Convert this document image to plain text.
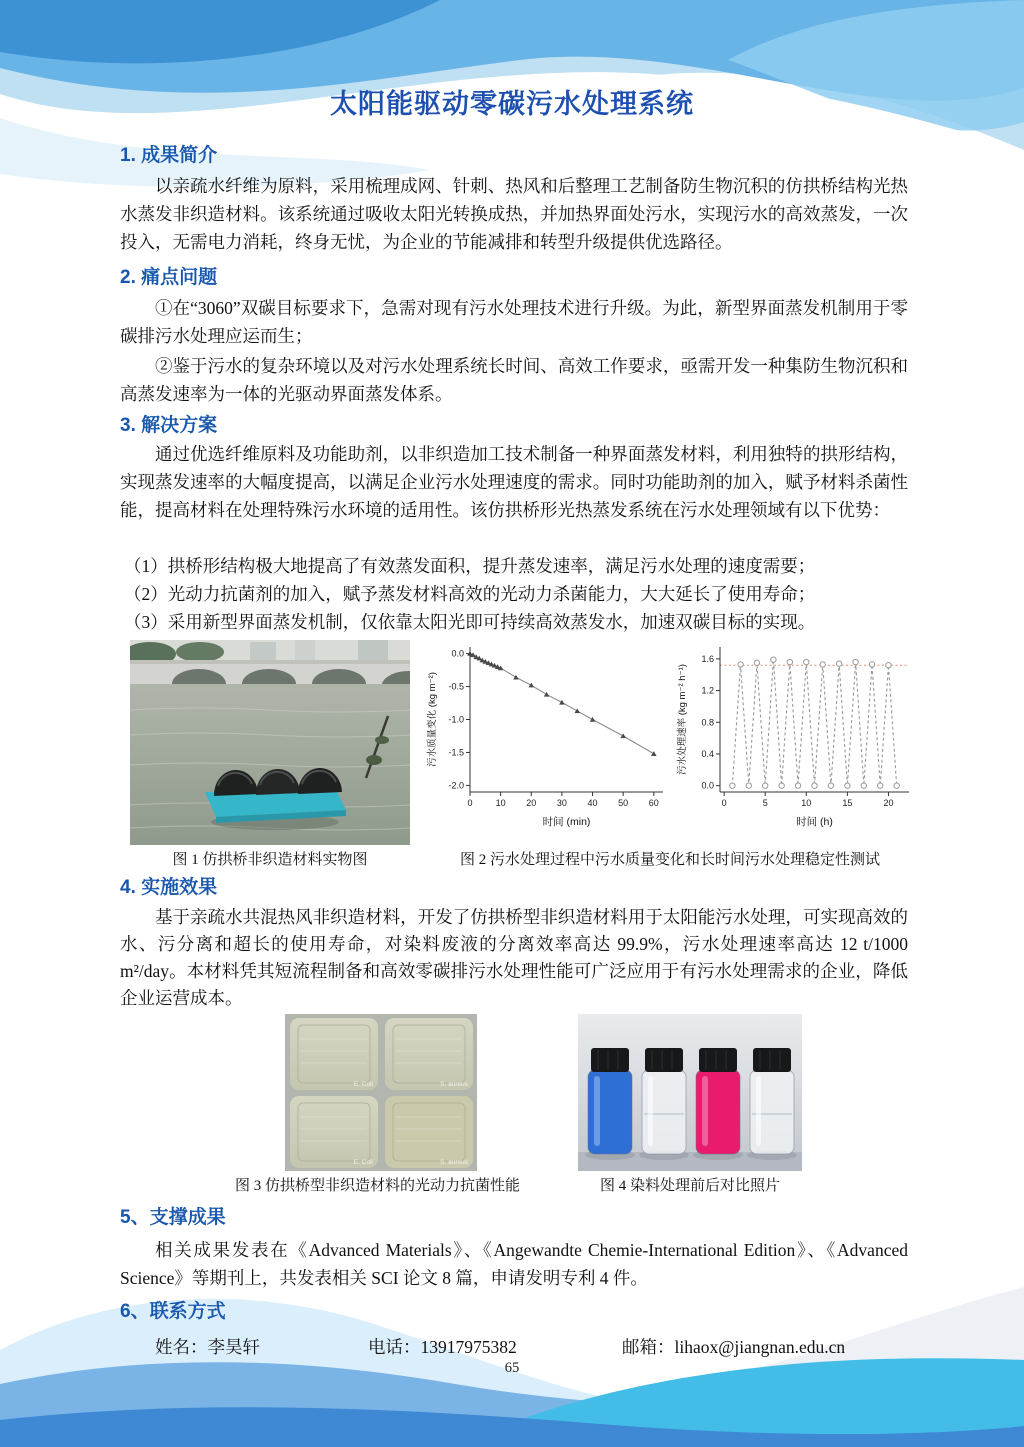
太阳能驱动零碳污水处理系统
1. 成果简介

以亲疏水纤维为原料，采用梳理成网、针刺、热风和后整理工艺制备防生物沉积的仿拱桥结构光热水蒸发非织造材料。该系统通过吸收太阳光转换成热，并加热界面处污水，实现污水的高效蒸发，一次投入，无需电力消耗，终身无忧，为企业的节能减排和转型升级提供优选路径。

2. 痛点问题

①在“3060”双碳目标要求下，急需对现有污水处理技术进行升级。为此，新型界面蒸发机制用于零碳排污水处理应运而生；

②鉴于污水的复杂环境以及对污水处理系统长时间、高效工作要求，亟需开发一种集防生物沉积和高蒸发速率为一体的光驱动界面蒸发体系。

3. 解决方案

通过优选纤维原料及功能助剂，以非织造加工技术制备一种界面蒸发材料，利用独特的拱形结构，实现蒸发速率的大幅度提高，以满足企业污水处理速度的需求。同时功能助剂的加入，赋予材料杀菌性能，提高材料在处理特殊污水环境的适用性。该仿拱桥形光热蒸发系统在污水处理领域有以下优势：

（1）拱桥形结构极大地提高了有效蒸发面积，提升蒸发速率，满足污水处理的速度需要；

（2）光动力抗菌剂的加入，赋予蒸发材料高效的光动力杀菌能力，大大延长了使用寿命；

（3）采用新型界面蒸发机制，仅依靠太阳光即可持续高效蒸发水，加速双碳目标的实现。

0	10 20 30 40 50 60
0.0
-0.5
-1.0
-1.5
-2.0
时间 (min)
污水质量变化 (kg m⁻²)
0	5	10	15	20
0.0
0.4
0.8
1.2
1.6
时间 (h)
污水处理速率 (kg m⁻² h⁻¹)

图 1 仿拱桥非织造材料实物图	图 2 污水处理过程中污水质量变化和长时间污水处理稳定性测试

4. 实施效果

基于亲疏水共混热风非织造材料，开发了仿拱桥型非织造材料用于太阳能污水处理，可实现高效的水、污分离和超长的使用寿命，对染料废液的分离效率高达 99.9%，污水处理速率高达 12 t/1000 m²/day。本材料凭其短流程制备和高效零碳排污水处理性能可广泛应用于有污水处理需求的企业，降低企业运营成本。

E. Coli	S. aureus
E. Coli	S. aureus

图 3 仿拱桥型非织造材料的光动力抗菌性能	图 4 染料处理前后对比照片

5、支撑成果

相关成果发表在《Advanced Materials》、《Angewandte Chemie-International Edition》、《Advanced Science》等期刊上，共发表相关 SCI 论文 8 篇，申请发明专利 4 件。

6、联系方式
姓名：李昊轩	电话：13917975382	邮箱：lihaox@jiangnan.edu.cn

65
